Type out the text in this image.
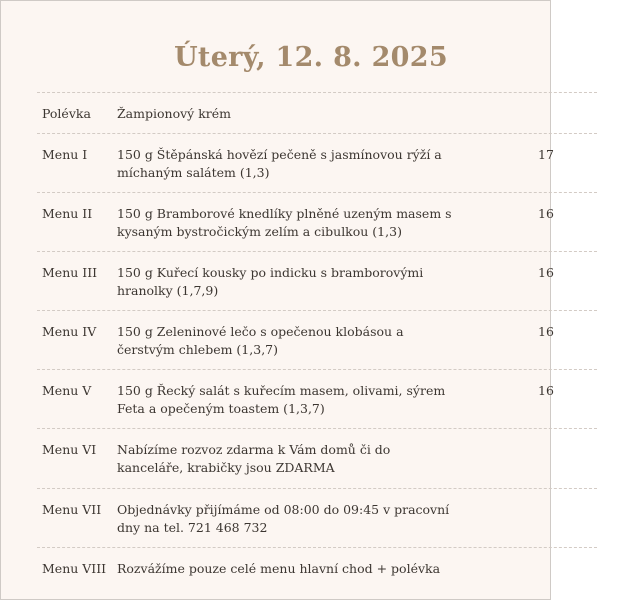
Úterý, 12. 8. 2025
Polévka Žampionový krém
Menu I 150 g Štěpánská hovězí pečeně s jasmínovou rýží a míchaným salátem (1,3)
17
Menu II 150 g Bramborové knedlíky plněné uzeným masem s kysaným bystročickým zelím a cibulkou (1,3)
16
Menu III 150 g Kuřecí kousky po indicku s bramborovými hranolky (1,7,9)
16
Menu IV 150 g Zeleninové lečo s opečenou klobásou a čerstvým chlebem (1,3,7)
16
Menu V 150 g Řecký salát s kuřecím masem, olivami, sýrem Feta a opečeným toastem (1,3,7)
16
Menu VI Nabízíme rozvoz zdarma k Vám domů či do kanceláře, krabičky jsou ZDARMA
Menu VII Objednávky přijímáme od 08:00 do 09:45 v pracovní dny na tel. 721 468 732
Menu VIII Rozvážíme pouze celé menu hlavní chod + polévka
